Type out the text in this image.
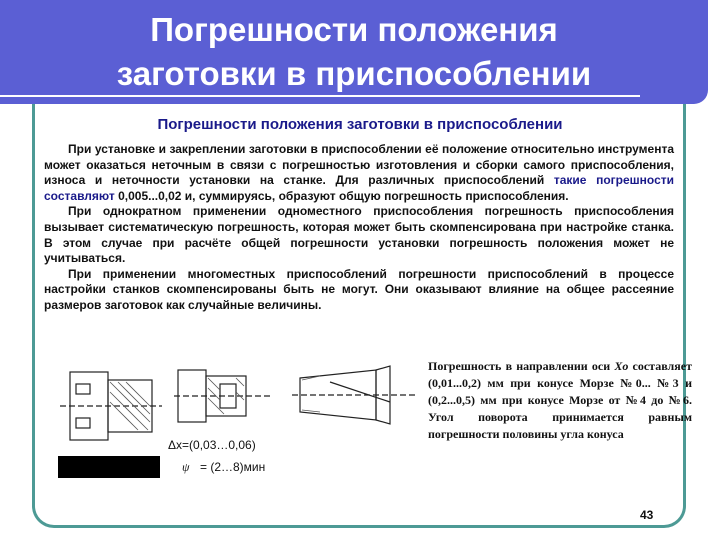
Погрешности положения
заготовки в приспособлении
Погрешности положения заготовки в приспособлении

При установке и закреплении заготовки в приспособлении её положение относительно инструмента может оказаться неточным в связи с погрешностью изготовления и сборки самого приспособления, износа и неточности установки на станке. Для различных приспособлений такие погрешности составляют 0,005...0,02 и, суммируясь, образуют общую погрешность приспособления.

При однократном применении одноместного приспособления погрешность приспособления вызывает систематическую погрешность, которая может быть скомпенсирована при настройке станка. В этом случае при расчёте общей погрешности установки погрешность положения может не учитываться.

При применении многоместных приспособлений погрешности приспособлений в процессе настройки станков скомпенсированы быть не могут. Они оказывают влияние на общее рассеяние размеров заготовок как случайные величины.

Δx=(0,03…0,06)
ψ = (2…8)мин
Погрешность в направлении оси Xo составляет (0,01...0,2) мм при конусе Морзе №0... №3 и (0,2...0,5) мм при конусе Морзе от №4 до №6. Угол поворота принимается равным погрешности половины угла конуса
43
